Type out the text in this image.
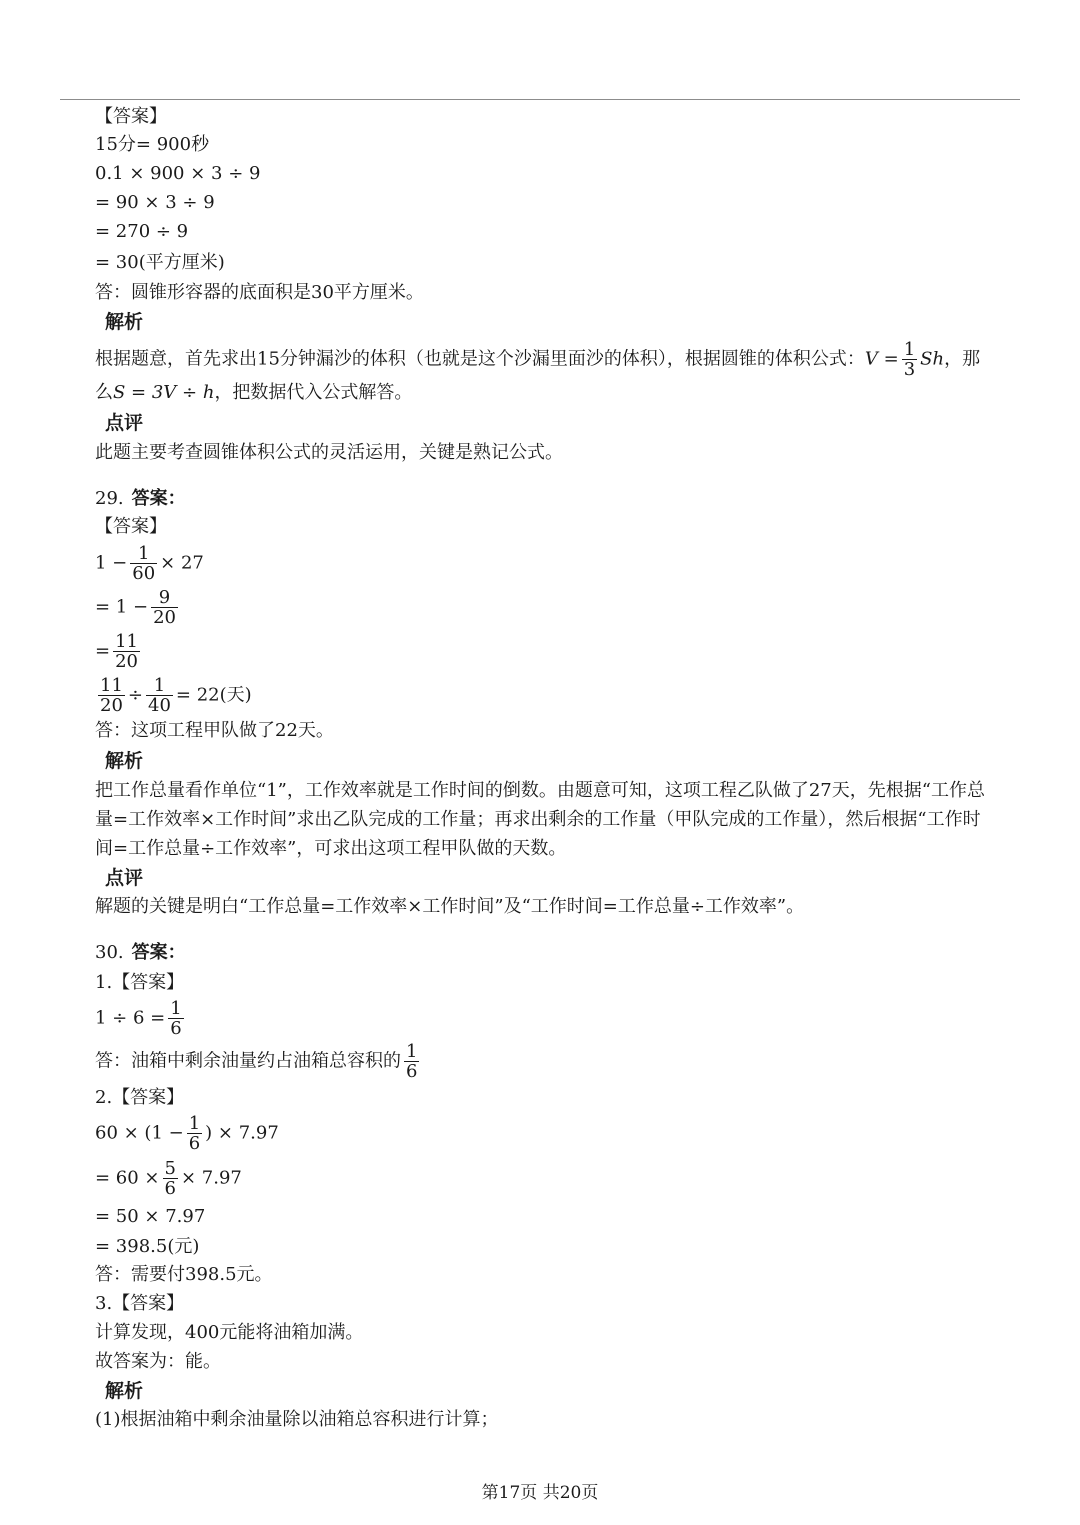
【答案】
15分= 900秒
0.1 × 900 × 3 ÷ 9
= 90 × 3 ÷ 9
= 270 ÷ 9
= 30(平方厘米)
答：圆锥形容器的底面积是30平方厘米。
解析
根据题意，首先求出15分钟漏沙的体积（也就是这个沙漏里面沙的体积），根据圆锥的体积公式：$V = \frac{1}{3}$ Sh，那
么S = 3V ÷ h，把数据代入公式解答。
点评
此题主要考查圆锥体积公式的灵活运用，关键是熟记公式。
29. 答案：
【答案】
$1 - \frac{1}{60} \times 27$
= $1 - \frac{9}{20}$
= $\frac{11}{20}$
$\frac{11}{20} \div \frac{1}{40} = 22$(天)
答：这项工程甲队做了22天。
解析
把工作总量看作单位“1”，工作效率就是工作时间的倒数。由题意可知，这项工程乙队做了27天，先根据“工作总
量=工作效率×工作时间”求出乙队完成的工作量；再求出剩余的工作量（甲队完成的工作量），然后根据“工作时
间=工作总量÷工作效率”，可求出这项工程甲队做的天数。
点评
解题的关键是明白“工作总量=工作效率×工作时间”及“工作时间=工作总量÷工作效率”。
30. 答案：
1.【答案】
$1 \div 6 = \frac{1}{6}$
答：油箱中剩余油量约占油箱总容积的 $\frac{1}{6}$
2.【答案】
$60 \times (1 - \frac{1}{6}$ ) × 7.97
= $60 \times \frac{5}{6} \times 7.97$
= 50 × 7.97
= 398.5(元)
答：需要付398.5元。
3.【答案】
计算发现，400元能将油箱加满。
故答案为：能。
解析
(1)根据油箱中剩余油量除以油箱总容积进行计算；
第17页 共20页
